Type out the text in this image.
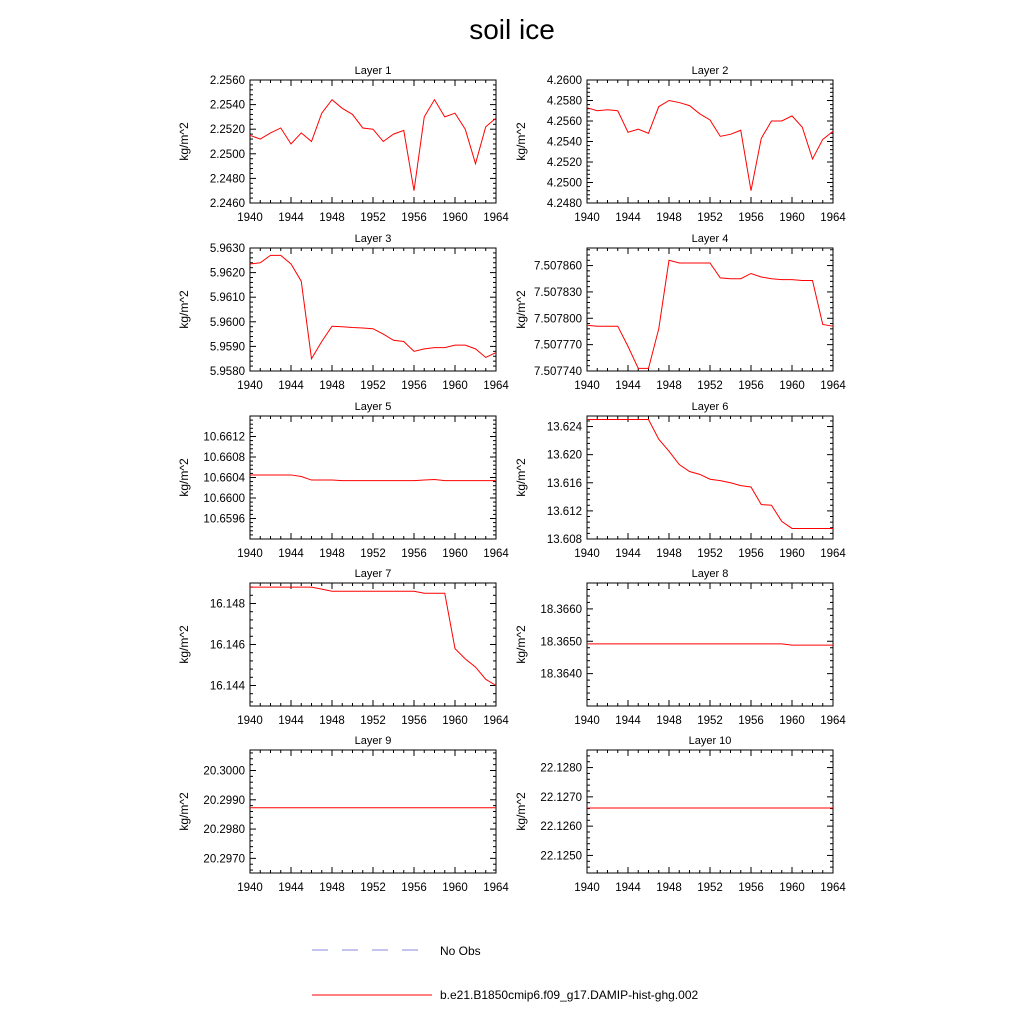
soil ice
Layer 1
kg/m^2
1940 1944 1948 1952 1956 1960 1964
2.2460
2.2480
2.2500
2.2520
2.2540
2.2560
Layer 2
kg/m^2
1940 1944 1948 1952 1956 1960 1964
4.2480
4.2500
4.2520
4.2540
4.2560
4.2580
4.2600
Layer 3
kg/m^2
1940 1944 1948 1952 1956 1960 1964
5.9580
5.9590
5.9600
5.9610
5.9620
5.9630
Layer 4
kg/m^2
1940 1944 1948 1952 1956 1960 1964
7.507740
7.507770
7.507800
7.507830
7.507860
Layer 5
kg/m^2
1940 1944 1948 1952 1956 1960 1964
10.6596
10.6600
10.6604
10.6608
10.6612
Layer 6
kg/m^2
1940 1944 1948 1952 1956 1960 1964
13.608
13.612
13.616
13.620
13.624
Layer 7
kg/m^2
1940 1944 1948 1952 1956 1960 1964
16.144
16.146
16.148
Layer 8
kg/m^2
1940 1944 1948 1952 1956 1960 1964
18.3640
18.3650
18.3660
Layer 9
kg/m^2
1940 1944 1948 1952 1956 1960 1964
20.2970
20.2980
20.2990
20.3000
Layer 10
kg/m^2
1940 1944 1948 1952 1956 1960 1964
22.1250
22.1260
22.1270
22.1280
No Obs
b.e21.B1850cmip6.f09_g17.DAMIP-hist-ghg.002
